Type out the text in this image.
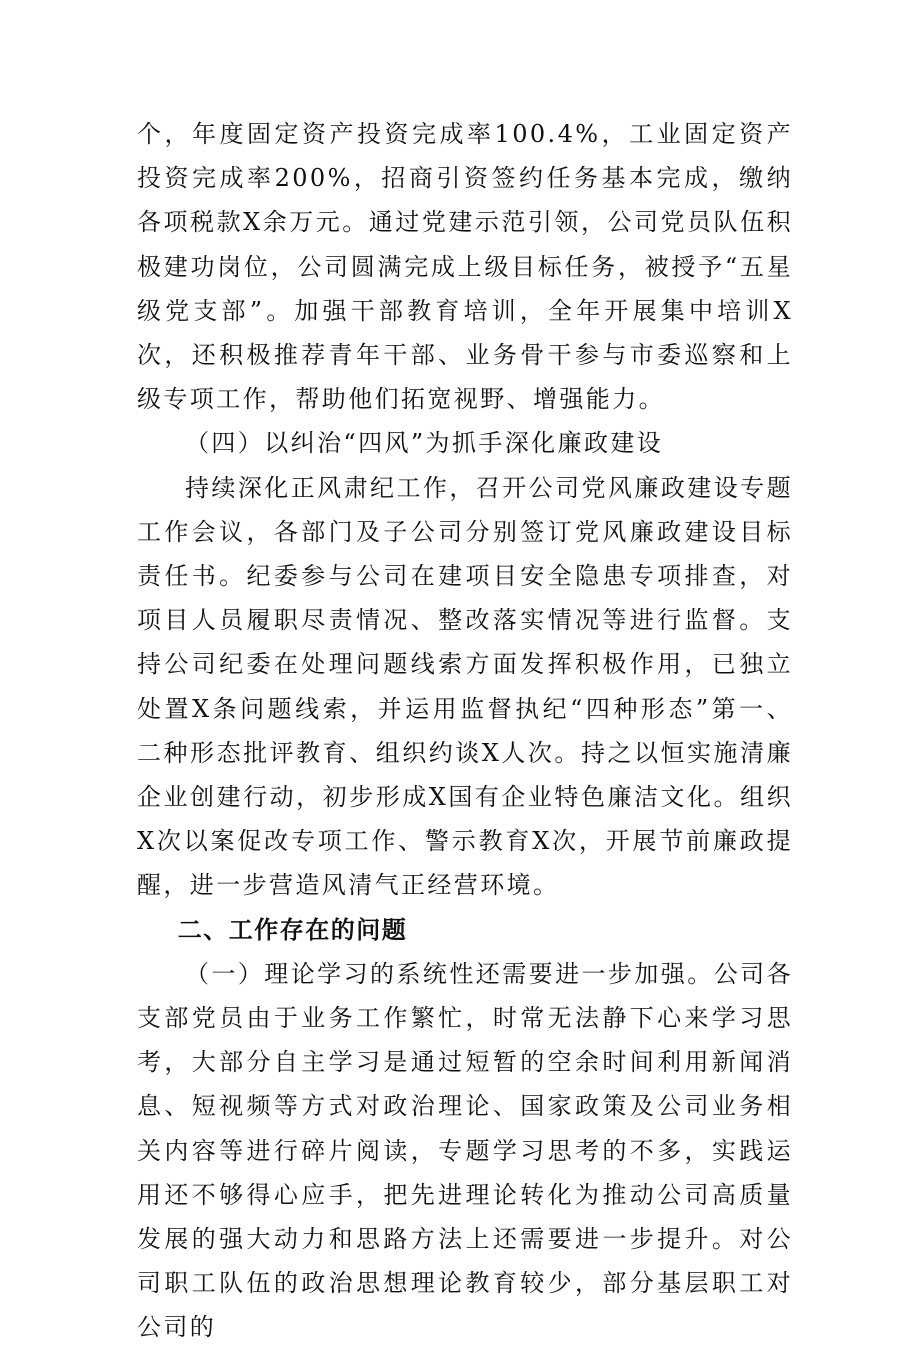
个，年度固定资产投资完成率100.4%，工业固定资产投资完成率200%，招商引资签约任务基本完成，缴纳各项税款X余万元。通过党建示范引领，公司党员队伍积极建功岗位，公司圆满完成上级目标任务，被授予“五星级党支部”。加强干部教育培训，全年开展集中培训X次，还积极推荐青年干部、业务骨干参与市委巡察和上级专项工作，帮助他们拓宽视野、增强能力。

（四）以纠治“四风”为抓手深化廉政建设

持续深化正风肃纪工作，召开公司党风廉政建设专题工作会议，各部门及子公司分别签订党风廉政建设目标责任书。纪委参与公司在建项目安全隐患专项排查，对项目人员履职尽责情况、整改落实情况等进行监督。支持公司纪委在处理问题线索方面发挥积极作用，已独立处置X条问题线索，并运用监督执纪“四种形态”第一、二种形态批评教育、组织约谈X人次。持之以恒实施清廉企业创建行动，初步形成X国有企业特色廉洁文化。组织X次以案促改专项工作、警示教育X次，开展节前廉政提醒，进一步营造风清气正经营环境。

二、工作存在的问题

（一）理论学习的系统性还需要进一步加强。公司各支部党员由于业务工作繁忙，时常无法静下心来学习思考，大部分自主学习是通过短暂的空余时间利用新闻消息、短视频等方式对政治理论、国家政策及公司业务相关内容等进行碎片阅读，专题学习思考的不多，实践运用还不够得心应手，把先进理论转化为推动公司高质量发展的强大动力和思路方法上还需要进一步提升。对公司职工队伍的政治思想理论教育较少，部分基层职工对公司的
